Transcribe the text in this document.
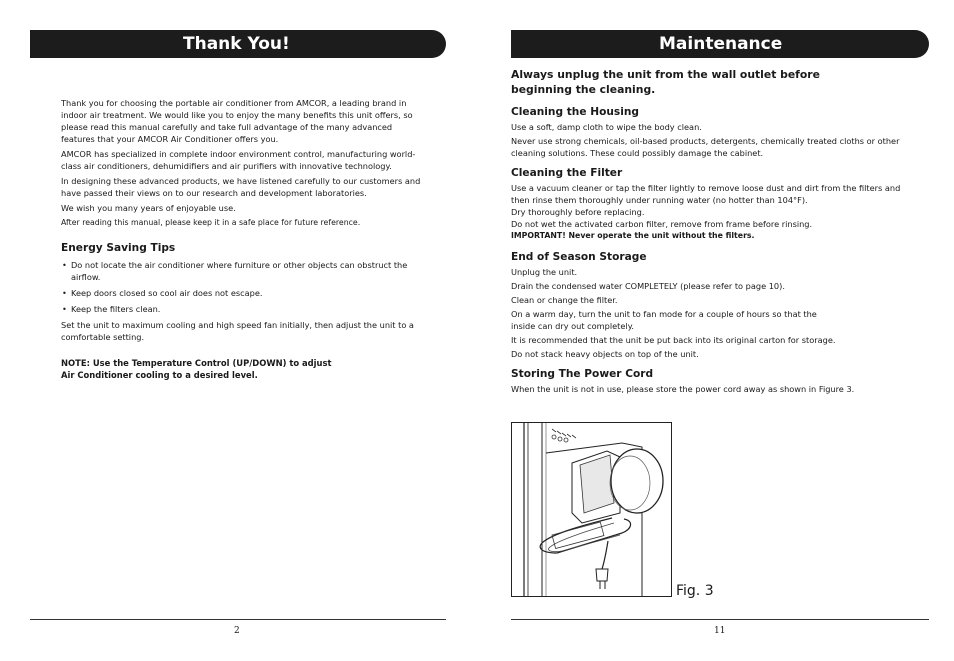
Thank You!

Thank you for choosing the portable air conditioner from AMCOR, a leading brand in indoor air treatment. We would like you to enjoy the many benefits this unit offers, so please read this manual carefully and take full advantage of the many advanced features that your AMCOR Air Conditioner offers you.

AMCOR has specialized in complete indoor environment control, manufacturing world-class air conditioners, dehumidifiers and air purifiers with innovative technology.

In designing these advanced products, we have listened carefully to our customers and have passed their views on to our research and development laboratories.

We wish you many years of enjoyable use.

After reading this manual, please keep it in a safe place for future reference.

Energy Saving Tips
• Do not locate the air conditioner where furniture or other objects can obstruct the airflow.
• Keep doors closed so cool air does not escape.
• Keep the filters clean.

Set the unit to maximum cooling and high speed fan initially, then adjust the unit to a comfortable setting.

NOTE: Use the Temperature Control (UP/DOWN) to adjust
Air Conditioner cooling to a desired level.
2
Maintenance
Always unplug the unit from the wall outlet before beginning the cleaning.
Cleaning the Housing

Use a soft, damp cloth to wipe the body clean.

Never use strong chemicals, oil-based products, detergents, chemically treated cloths or other cleaning solutions. These could possibly damage the cabinet.

Cleaning the Filter

Use a vacuum cleaner or tap the filter lightly to remove loose dust and dirt from the filters and then rinse them thoroughly under running water (no hotter than 104°F).

Dry thoroughly before replacing.

Do not wet the activated carbon filter, remove from frame before rinsing.

IMPORTANT! Never operate the unit without the filters.

End of Season Storage

Unplug the unit.

Drain the condensed water COMPLETELY (please refer to page 10).

Clean or change the filter.

On a warm day, turn the unit to fan mode for a couple of hours so that the inside can dry out completely.

It is recommended that the unit be put back into its original carton for storage.

Do not stack heavy objects on top of the unit.

Storing The Power Cord

When the unit is not in use, please store the power cord away as shown in Figure 3.

Fig. 3
11
